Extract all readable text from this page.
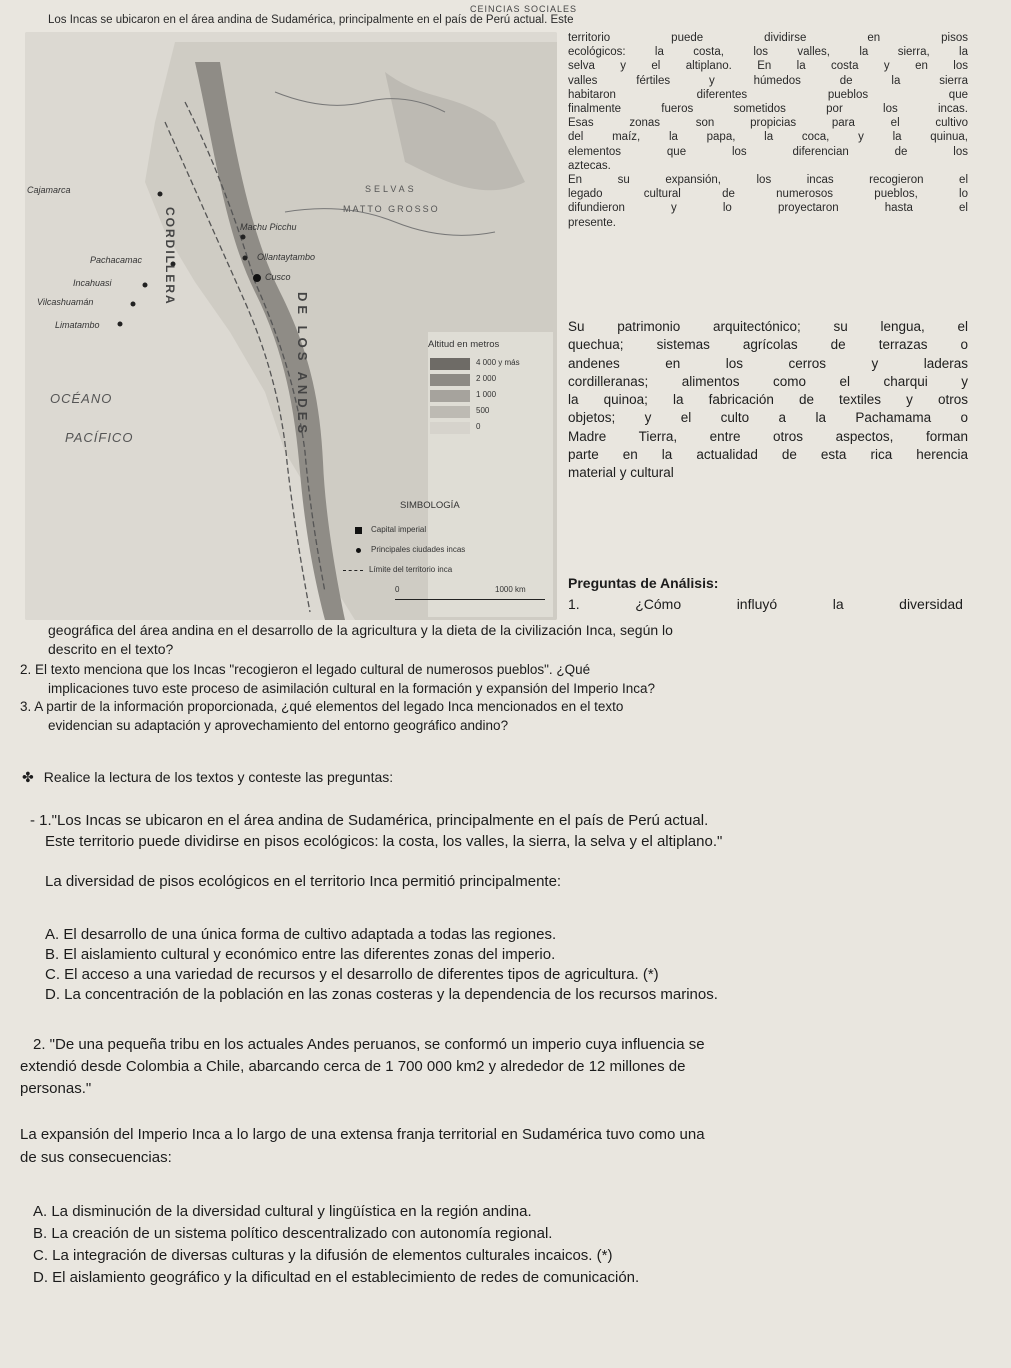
CEINCIAS SOCIALES
Los Incas se ubicaron en el área andina de Sudamérica, principalmente en el país de Perú actual. Este
Cajamarca
Machu Picchu
Ollantaytambo
Pachacamac
Cusco
Incahuasi
Vilcashuamán
Limatambo
CORDILLERA
DE LOS ANDES
SELVAS
MATTO GROSSO
OCÉANO
PACÍFICO
Altitud en metros
4 000 y más
2 000
1 000
500
0
SIMBOLOGÍA
Capital imperial
Principales ciudades incas
Límite del territorio inca
0	1000 km

territorio puede dividirse en pisos

ecológicos: la costa, los valles, la sierra, la

selva y el altiplano. En la costa y en los

valles fértiles y húmedos de la sierra

habitaron diferentes pueblos que

finalmente fueros sometidos por los incas.

Esas zonas son propicias para el cultivo

del maíz, la papa, la coca, y la quinua,

elementos que los diferencian de los

aztecas.

En su expansión, los incas recogieron el

legado cultural de numerosos pueblos, lo

difundieron y lo proyectaron hasta el

presente.

Su patrimonio arquitectónico; su lengua, el

quechua; sistemas agrícolas de terrazas o

andenes en los cerros y laderas

cordilleranas; alimentos como el charqui y

la quinoa; la fabricación de textiles y otros

objetos; y el culto a la Pachamama o

Madre Tierra, entre otros aspectos, forman

parte en la actualidad de esta rica herencia

material y cultural

Preguntas de Análisis:
1.	¿Cómo	influyó	la	diversidad
geográfica del área andina en el desarrollo de la agricultura y la dieta de la civilización Inca, según lo
descrito en el texto?
2. El texto menciona que los Incas "recogieron el legado cultural de numerosos pueblos". ¿Qué
implicaciones tuvo este proceso de asimilación cultural en la formación y expansión del Imperio Inca?
3. A partir de la información proporcionada, ¿qué elementos del legado Inca mencionados en el texto
evidencian su adaptación y aprovechamiento del entorno geográfico andino?
✤ Realice la lectura de los textos y conteste las preguntas:
- 1."Los Incas se ubicaron en el área andina de Sudamérica, principalmente en el país de Perú actual.
Este territorio puede dividirse en pisos ecológicos: la costa, los valles, la sierra, la selva y el altiplano."
La diversidad de pisos ecológicos en el territorio Inca permitió principalmente:
A. El desarrollo de una única forma de cultivo adaptada a todas las regiones.
B. El aislamiento cultural y económico entre las diferentes zonas del imperio.
C. El acceso a una variedad de recursos y el desarrollo de diferentes tipos de agricultura. (*)
D. La concentración de la población en las zonas costeras y la dependencia de los recursos marinos.
2. "De una pequeña tribu en los actuales Andes peruanos, se conformó un imperio cuya influencia se
extendió desde Colombia a Chile, abarcando cerca de 1 700 000 km2 y alrededor de 12 millones de
personas."
La expansión del Imperio Inca a lo largo de una extensa franja territorial en Sudamérica tuvo como una
de sus consecuencias:
A. La disminución de la diversidad cultural y lingüística en la región andina.
B. La creación de un sistema político descentralizado con autonomía regional.
C. La integración de diversas culturas y la difusión de elementos culturales incaicos. (*)
D. El aislamiento geográfico y la dificultad en el establecimiento de redes de comunicación.
